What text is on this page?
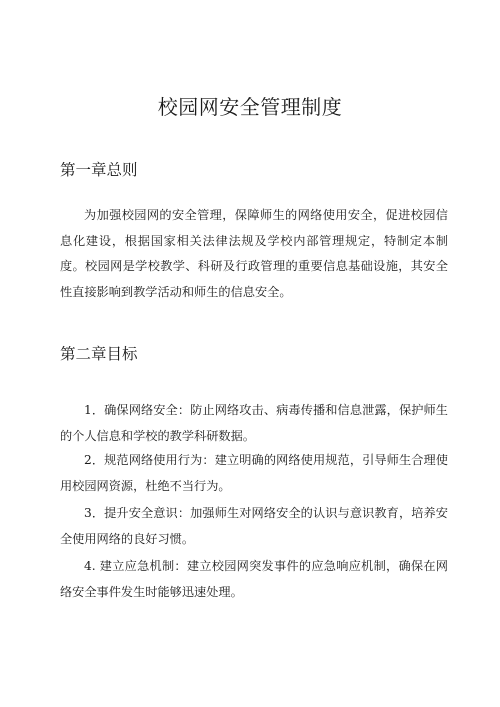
校园网安全管理制度
第一章总则

为加强校园网的安全管理，保障师生的网络使用安全，促进校园信息化建设，根据国家相关法律法规及学校内部管理规定，特制定本制度。校园网是学校教学、科研及行政管理的重要信息基础设施，其安全性直接影响到教学活动和师生的信息安全。

第二章目标

1．确保网络安全：防止网络攻击、病毒传播和信息泄露，保护师生的个人信息和学校的教学科研数据。

2．规范网络使用行为：建立明确的网络使用规范，引导师生合理使用校园网资源，杜绝不当行为。

3．提升安全意识：加强师生对网络安全的认识与意识教育，培养安全使用网络的良好习惯。

4. 建立应急机制：建立校园网突发事件的应急响应机制，确保在网络安全事件发生时能够迅速处理。
